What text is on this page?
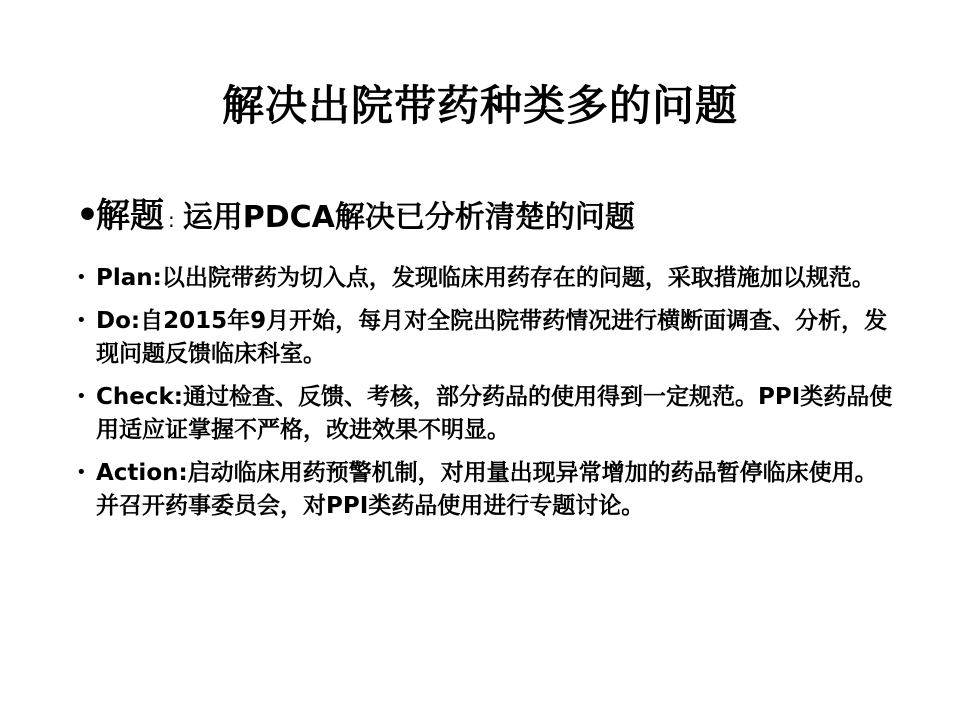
解决出院带药种类多的问题
•
解题 : 运用PDCA解决已分析清楚的问题
• Plan:以出院带药为切入点，发现临床用药存在的问题，采取措施加以规范。
• Do:自2015年9月开始，每月对全院出院带药情况进行横断面调查、分析，发现问题反馈临床科室。
• Check:通过检查、反馈、考核，部分药品的使用得到一定规范。PPI类药品使用适应证掌握不严格，改进效果不明显。
• Action:启动临床用药预警机制，对用量出现异常增加的药品暂停临床使用。并召开药事委员会，对PPI类药品使用进行专题讨论。
